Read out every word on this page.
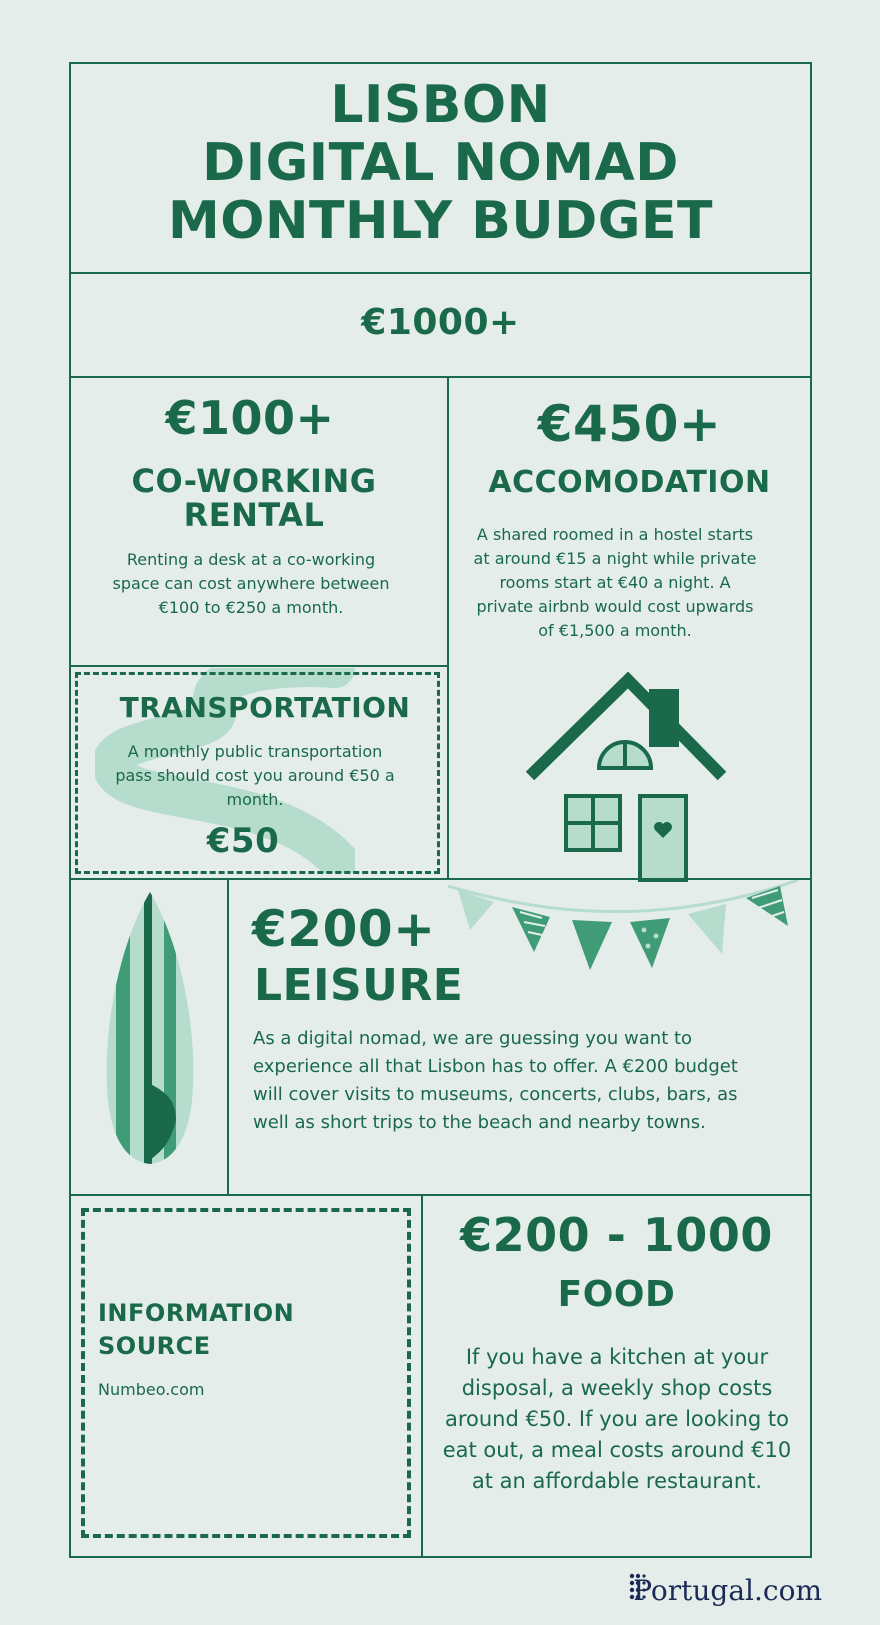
LISBON
DIGITAL NOMAD
MONTHLY BUDGET
€1000+
€100+
CO-WORKING
RENTAL
Renting a desk at a co-working space can cost anywhere between €100 to €250 a month.
€450+
ACCOMODATION
A shared roomed in a hostel starts at around €15 a night while private rooms start at €40 a night. A private airbnb would cost upwards of €1,500 a month.
TRANSPORTATION
A monthly public transportation pass should cost you around €50 a month.
€50
€200+
LEISURE
As a digital nomad, we are guessing you want to experience all that Lisbon has to offer. A €200 budget will cover visits to museums, concerts, clubs, bars, as well as short trips to the beach and nearby towns.
INFORMATION
SOURCE
Numbeo.com
€200 - 1000
FOOD
If you have a kitchen at your disposal, a weekly shop costs around €50. If you are looking to eat out, a meal costs around €10 at an affordable restaurant.
Portugal.com
